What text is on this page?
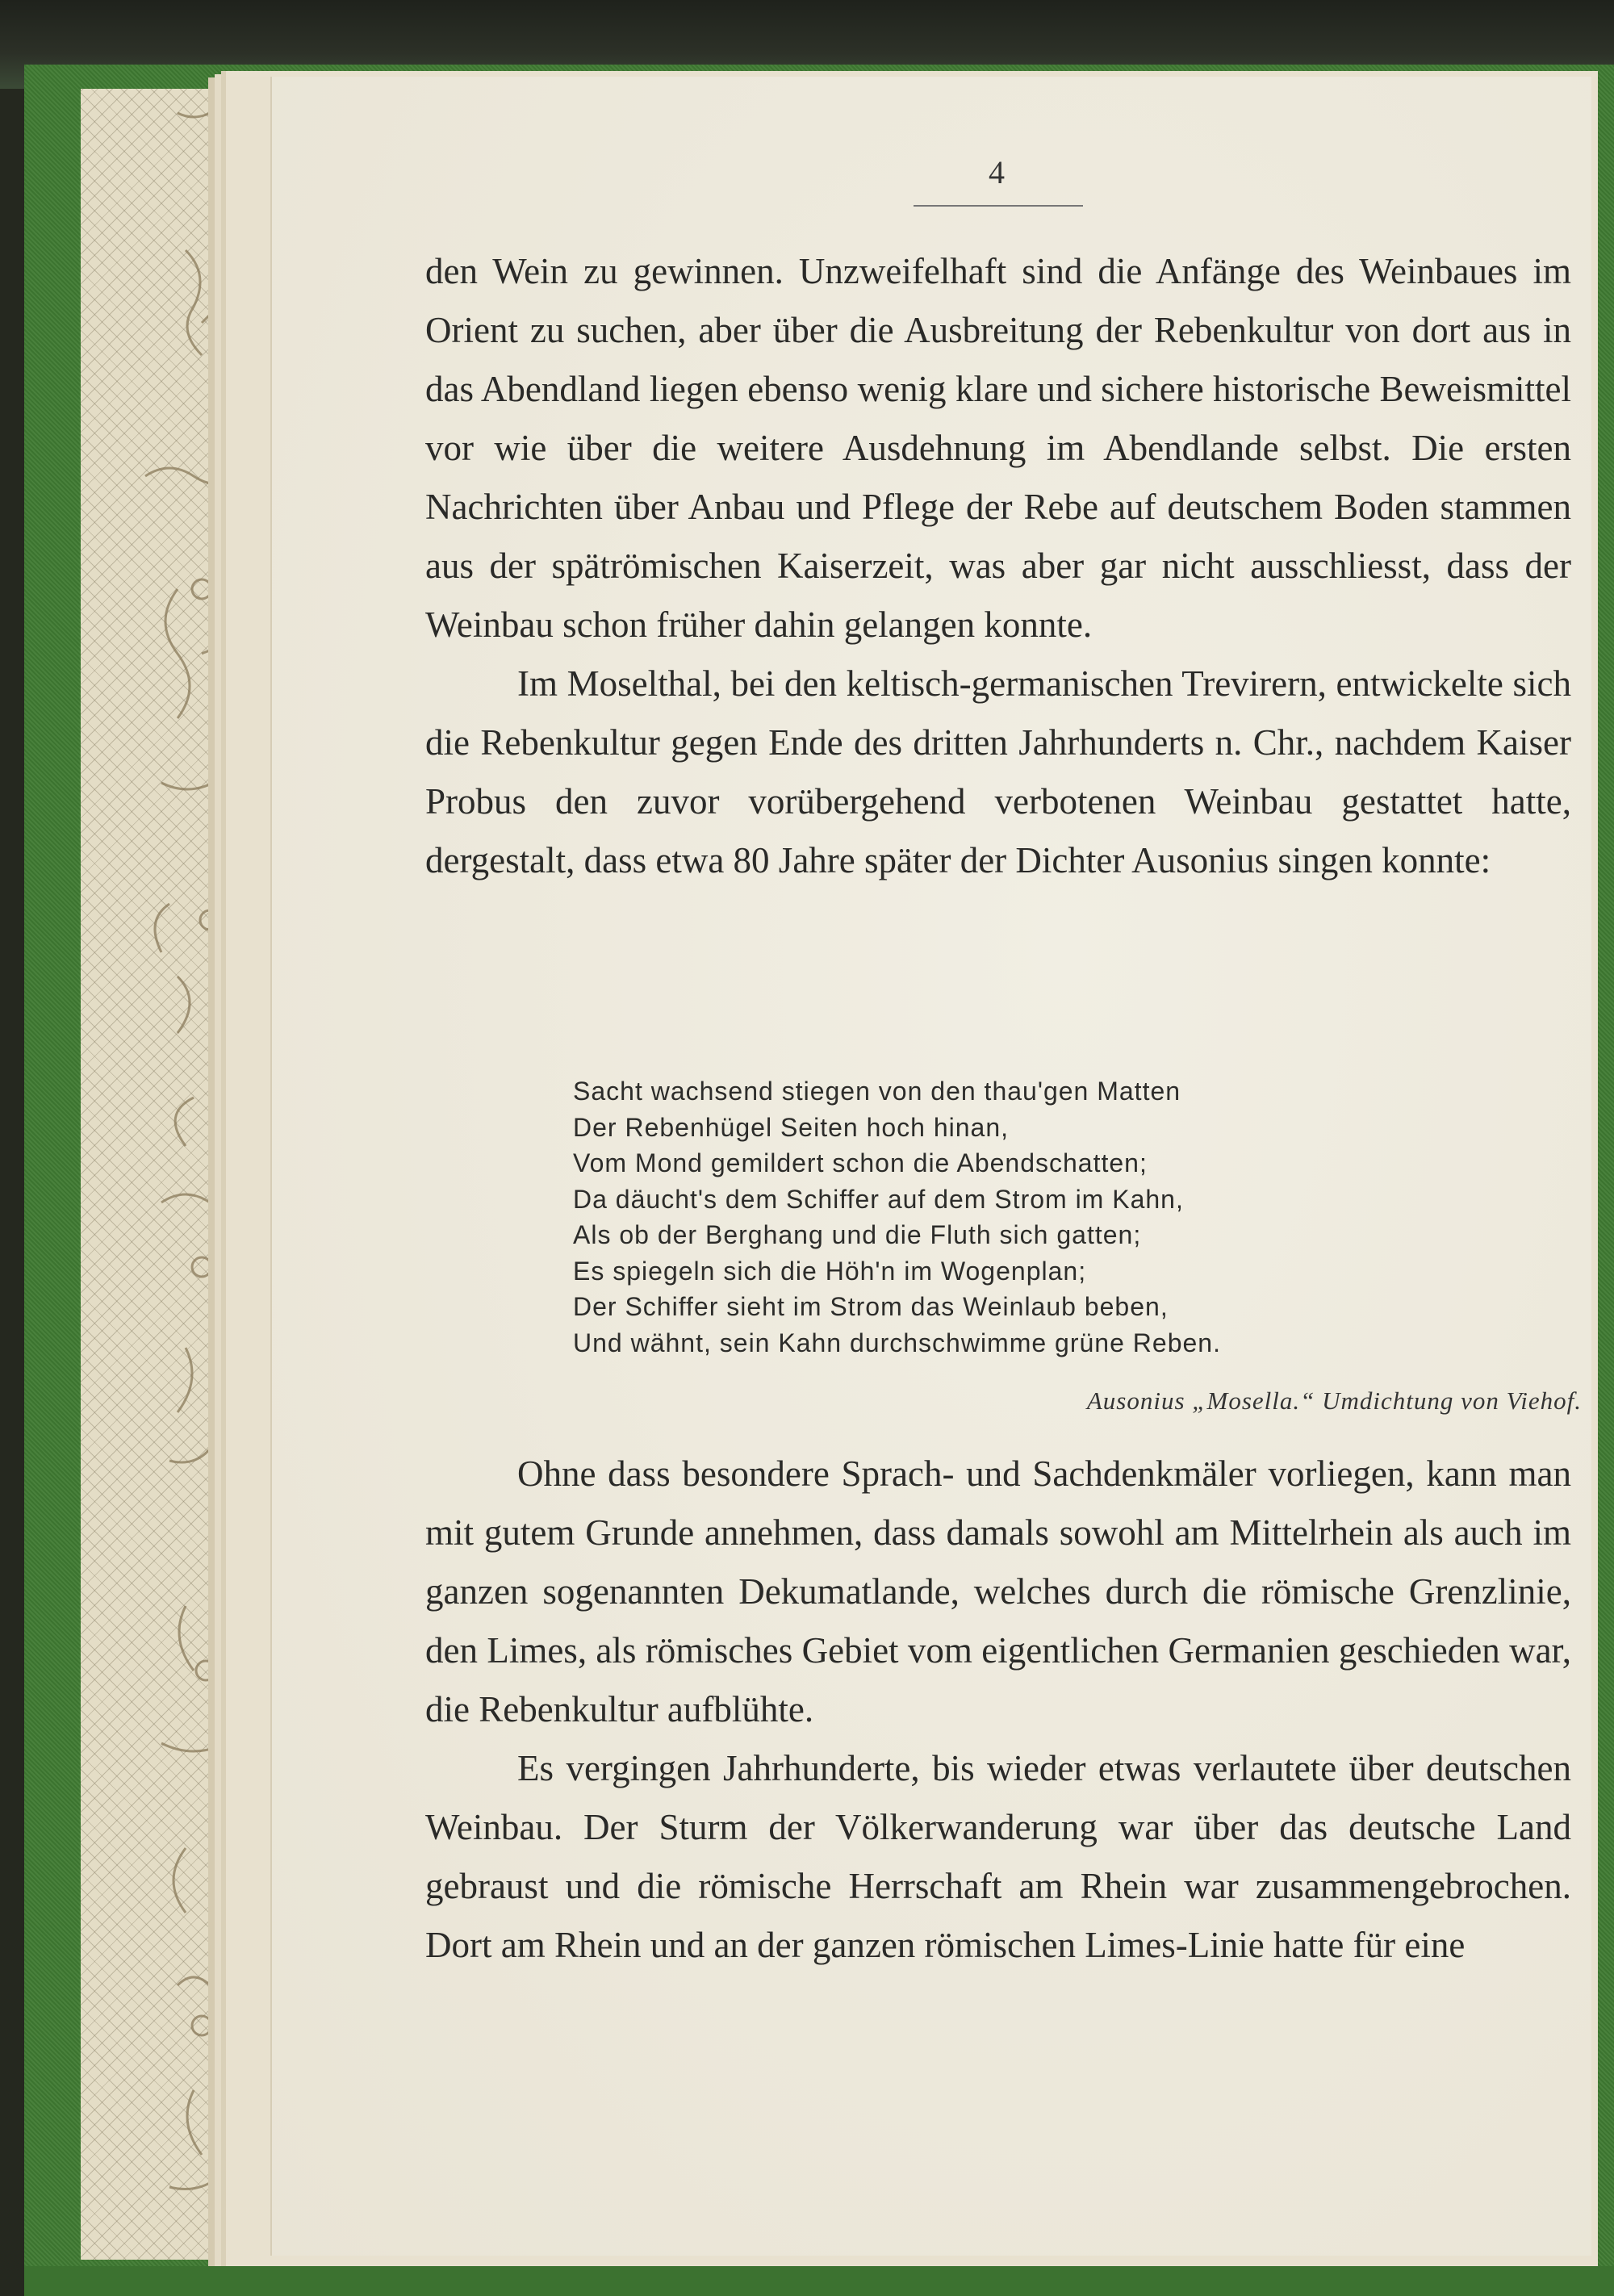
4

den Wein zu gewinnen. Unzweifelhaft sind die Anfänge des Weinbaues im Orient zu suchen, aber über die Ausbreitung der Rebenkultur von dort aus in das Abendland liegen ebenso wenig klare und sichere historische Beweismittel vor wie über die weitere Ausdehnung im Abendlande selbst. Die ersten Nachrichten über Anbau und Pflege der Rebe auf deutschem Boden stammen aus der spätrömischen Kaiserzeit, was aber gar nicht ausschliesst, dass der Weinbau schon früher dahin gelangen konnte.

Im Moselthal, bei den keltisch-germanischen Trevirern, entwickelte sich die Rebenkultur gegen Ende des dritten Jahrhunderts n. Chr., nachdem Kaiser Probus den zuvor vorübergehend verbotenen Weinbau gestattet hatte, dergestalt, dass etwa 80 Jahre später der Dichter Ausonius singen konnte:

Sacht wachsend stiegen von den thau'gen Matten
Der Rebenhügel Seiten hoch hinan,
Vom Mond gemildert schon die Abendschatten;
Da däucht's dem Schiffer auf dem Strom im Kahn,
Als ob der Berghang und die Fluth sich gatten;
Es spiegeln sich die Höh'n im Wogenplan;
Der Schiffer sieht im Strom das Weinlaub beben,
Und wähnt, sein Kahn durchschwimme grüne Reben.
Ausonius „Mosella.“ Umdichtung von Viehof.

Ohne dass besondere Sprach- und Sachdenkmäler vorliegen, kann man mit gutem Grunde annehmen, dass damals sowohl am Mittelrhein als auch im ganzen sogenannten Dekumatlande, welches durch die römische Grenzlinie, den Limes, als römisches Gebiet vom eigentlichen Germanien geschieden war, die Rebenkultur aufblühte.

Es vergingen Jahrhunderte, bis wieder etwas verlautete über deutschen Weinbau. Der Sturm der Völkerwanderung war über das deutsche Land gebraust und die römische Herrschaft am Rhein war zusammengebrochen. Dort am Rhein und an der ganzen römischen Limes-Linie hatte für eine
